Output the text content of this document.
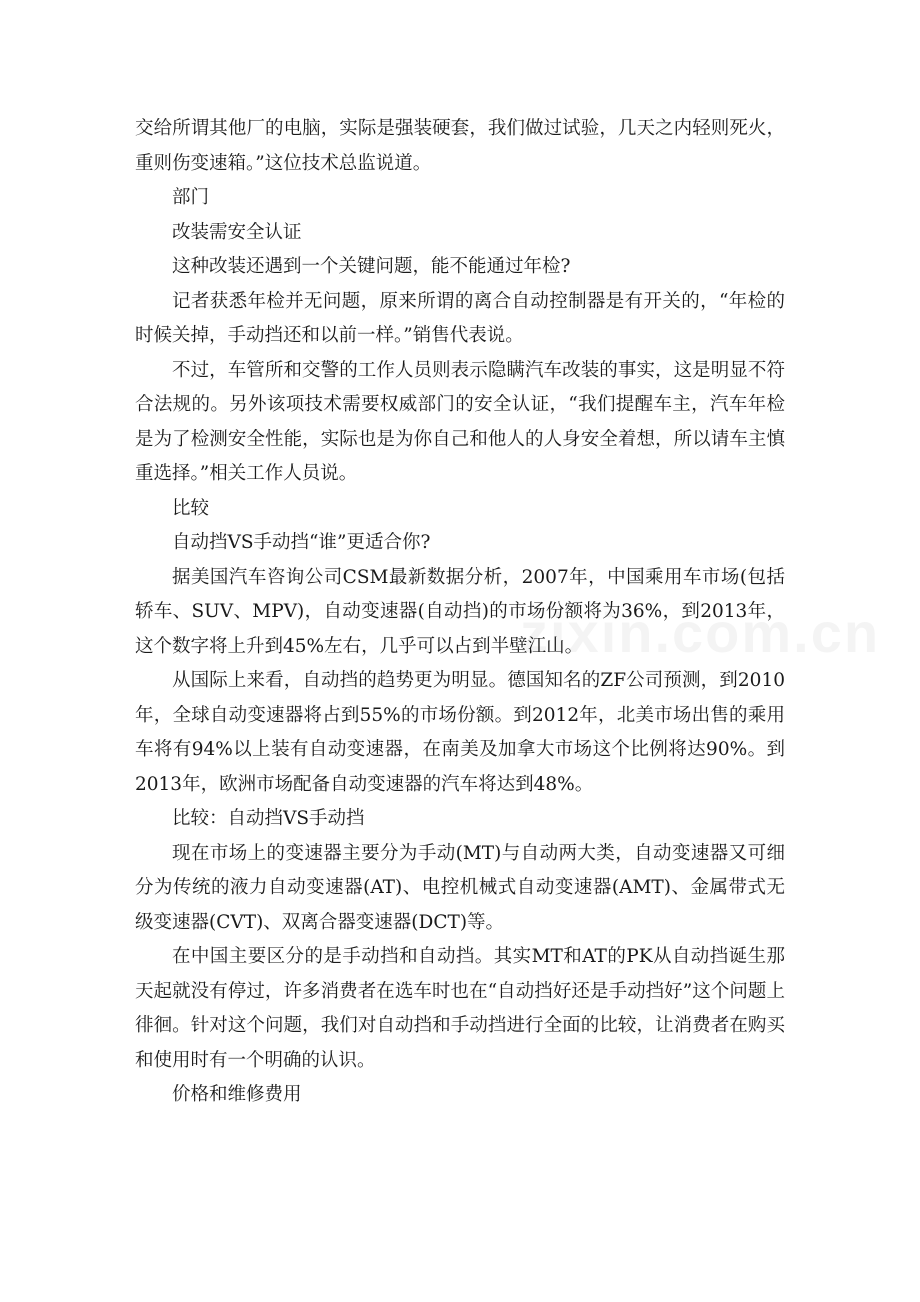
交给所谓其他厂的电脑，实际是强装硬套，我们做过试验，几天之内轻则死火，重则伤变速箱。”这位技术总监说道。

部门

改装需安全认证

这种改装还遇到一个关键问题，能不能通过年检?

记者获悉年检并无问题，原来所谓的离合自动控制器是有开关的，“年检的时候关掉，手动挡还和以前一样。”销售代表说。

不过，车管所和交警的工作人员则表示隐瞒汽车改装的事实，这是明显不符合法规的。另外该项技术需要权威部门的安全认证，“我们提醒车主，汽车年检是为了检测安全性能，实际也是为你自己和他人的人身安全着想，所以请车主慎重选择。”相关工作人员说。

比较

自动挡VS手动挡“谁”更适合你?

据美国汽车咨询公司CSM最新数据分析，2007年，中国乘用车市场(包括轿车、SUV、MPV)，自动变速器(自动挡)的市场份额将为36%，到2013年，这个数字将上升到45%左右，几乎可以占到半壁江山。

从国际上来看，自动挡的趋势更为明显。德国知名的ZF公司预测，到2010年，全球自动变速器将占到55%的市场份额。到2012年，北美市场出售的乘用车将有94%以上装有自动变速器，在南美及加拿大市场这个比例将达90%。到2013年，欧洲市场配备自动变速器的汽车将达到48%。

比较：自动挡VS手动挡

现在市场上的变速器主要分为手动(MT)与自动两大类，自动变速器又可细分为传统的液力自动变速器(AT)、电控机械式自动变速器(AMT)、金属带式无级变速器(CVT)、双离合器变速器(DCT)等。

在中国主要区分的是手动挡和自动挡。其实MT和AT的PK从自动挡诞生那天起就没有停过，许多消费者在选车时也在“自动挡好还是手动挡好”这个问题上徘徊。针对这个问题，我们对自动挡和手动挡进行全面的比较，让消费者在购买和使用时有一个明确的认识。

价格和维修费用
